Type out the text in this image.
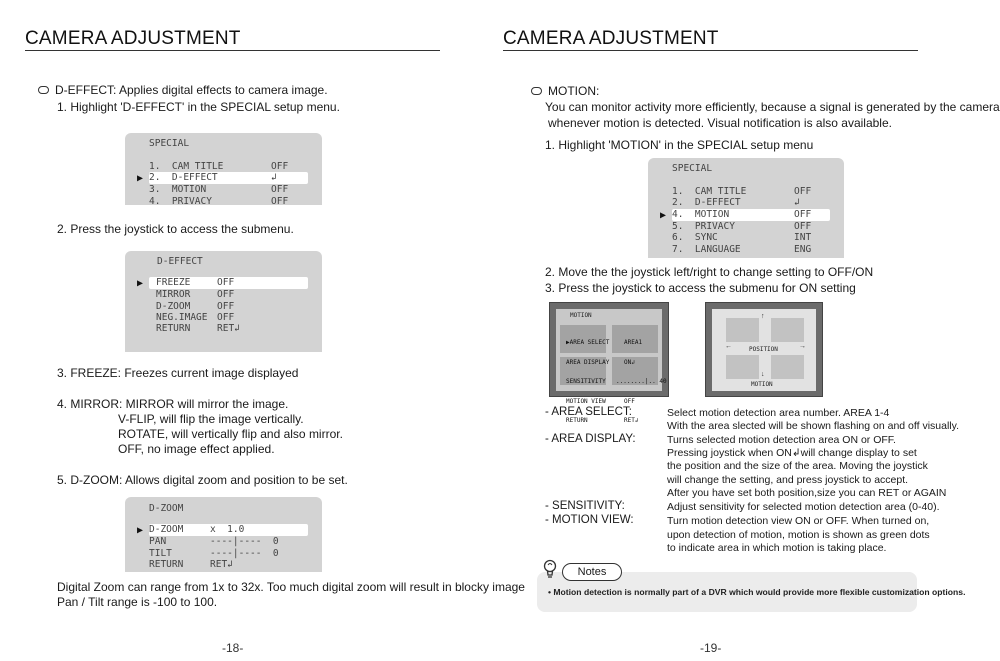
CAMERA ADJUSTMENT
D-EFFECT: Applies digital effects to camera image.
1. Highlight 'D-EFFECT' in the SPECIAL setup menu.
SPECIAL
1.  CAM TITLE	OFF
▶ 2.  D-EFFECT	↲
3.  MOTION	OFF
4.  PRIVACY	OFF
2. Press the joystick to access the submenu.
D-EFFECT
▶ FREEZE	OFF
MIRROR	OFF
D-ZOOM	OFF
NEG.IMAGE OFF
RETURN	RET↲
3. FREEZE: Freezes current image displayed
4. MIRROR: MIRROR will mirror the image.
V-FLIP, will flip the image vertically.
ROTATE, will vertically flip and also mirror.
OFF, no image effect applied.
5. D-ZOOM: Allows digital zoom and position to be set.
D-ZOOM
▶ D-ZOOM	x  1.0
PAN	----|----  0
TILT	----|----  0
RETURN	RET↲
Digital Zoom can range from 1x to 32x. Too much digital zoom will result in blocky image
Pan / Tilt range is -100 to 100.
-18-
CAMERA ADJUSTMENT
MOTION:
You can monitor activity more efficiently, because a signal is generated by the camera
whenever motion is detected. Visual notification is also available.
1. Highlight 'MOTION' in the SPECIAL setup menu
SPECIAL
1.  CAM TITLE	OFF
2.  D-EFFECT	↲
▶ 4.  MOTION	OFF
5.  PRIVACY	OFF
6.  SYNC	INT
7.  LANGUAGE	ENG
2. Move the the joystick left/right to change setting to OFF/ON
3. Press the joystick to access the submenu for ON setting
MOTION

▶AREA SELECT AREA1

AREA DISPLAY ON↲

SENSITIVITY ........|.. 40

MOTION VIEW	OFF

RETURN	RET↲

↑
↓
←	→
POSITION
MOTION
- AREA SELECT:	Select motion detection area number. AREA 1-4
With the area slected will be shown flashing on and off visually.
- AREA DISPLAY:	Turns selected motion detection area ON or OFF.
Pressing joystick when ON↲will change display to set
the position and the size of the area. Moving the joystick
will change the setting, and press joystick to accept.
After you have set both position,size you can RET or AGAIN
- SENSITIVITY:	Adjust sensitivity for selected motion detection area (0-40).
- MOTION VIEW:	Turn motion detection view ON or OFF. When turned on,
upon detection of motion, motion is shown as green dots
to indicate area in which motion is taking place.
Notes
• Motion detection is normally part of a DVR which would provide more flexible customization options.
-19-
